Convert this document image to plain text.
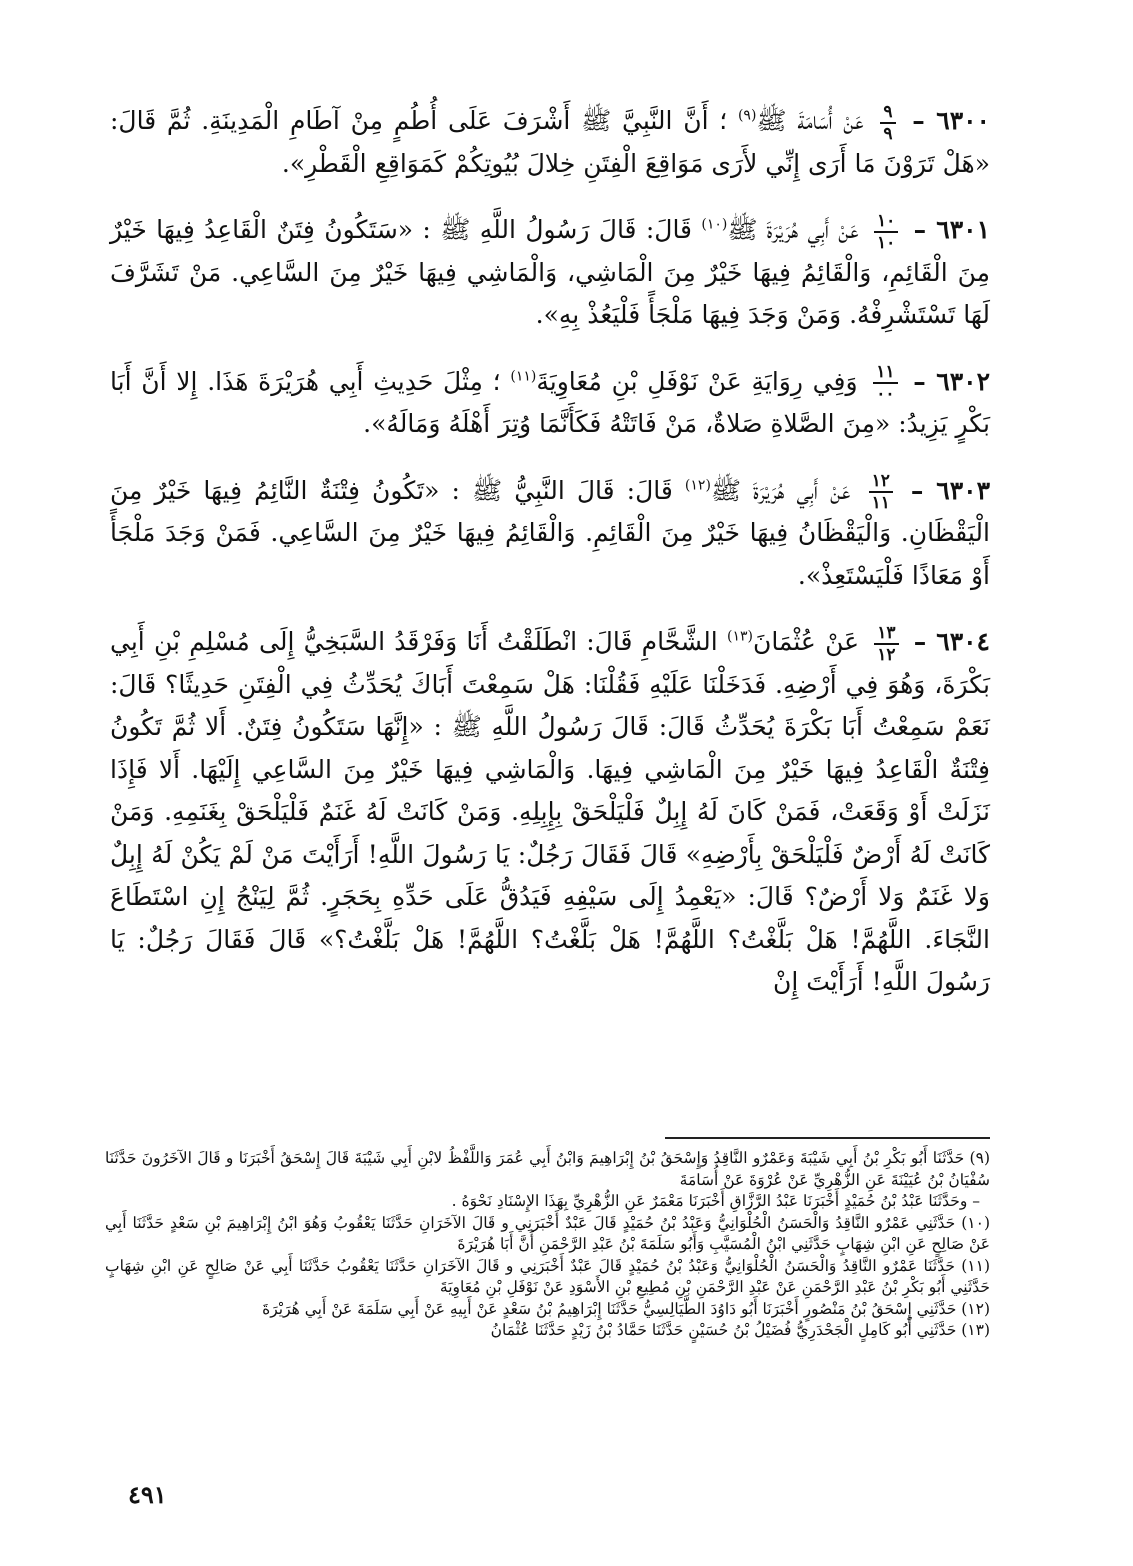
٦٣٠٠ –
$\frac{٩}{٩}$
عَنْ أُسَامَةَ ﷺ$^{(٩)}$ ؛ أَنَّ النَّبِيَّ ﷺ أَشْرَفَ عَلَى أُطُمٍ مِنْ آطَامِ الْمَدِينَةِ. ثُمَّ قَالَ: «هَلْ تَرَوْنَ مَا أَرَى إِنِّي لأَرَى مَوَاقِعَ الْفِتَنِ خِلالَ بُيُوتِكُمْ كَمَوَاقِعِ الْقَطْرِ».

٦٣٠١ –
$\frac{١٠}{١٠}$
عَنْ أَبِي هُرَيْرَةَ ﷺ$^{(١٠)}$ قَالَ: قَالَ رَسُولُ اللَّهِ ﷺ : «سَتَكُونُ فِتَنٌ الْقَاعِدُ فِيهَا خَيْرٌ مِنَ الْقَائِمِ، وَالْقَائِمُ فِيهَا خَيْرٌ مِنَ الْمَاشِي، وَالْمَاشِي فِيهَا خَيْرٌ مِنَ السَّاعِي. مَنْ تَشَرَّفَ لَهَا تَسْتَشْرِفْهُ. وَمَنْ وَجَدَ فِيهَا مَلْجَأً فَلْيَعُذْ بِهِ».

٦٣٠٢ –
$\frac{١١}{٠٠}$
وَفِي رِوَايَةِ عَنْ نَوْفَلِ بْنِ مُعَاوِيَةَ$^{(١١)}$ ؛ مِثْلَ حَدِيثِ أَبِي هُرَيْرَةَ هَذَا. إِلا أَنَّ أَبَا بَكْرٍ يَزِيدُ: «مِنَ الصَّلاةِ صَلاةٌ، مَنْ فَاتَتْهُ فَكَأَنَّمَا وُتِرَ أَهْلَهُ وَمَالَهُ».

٦٣٠٣ –
$\frac{١٢}{١١}$
عَنْ أَبِي هُرَيْرَةَ ﷺ$^{(١٢)}$ قَالَ: قَالَ النَّبِيُّ ﷺ : «تَكُونُ فِتْنَةٌ النَّائِمُ فِيهَا خَيْرٌ مِنَ الْيَقْظَانِ. وَالْيَقْظَانُ فِيهَا خَيْرٌ مِنَ الْقَائِمِ. وَالْقَائِمُ فِيهَا خَيْرٌ مِنَ السَّاعِي. فَمَنْ وَجَدَ مَلْجَأً أَوْ مَعَاذًا فَلْيَسْتَعِذْ».

٦٣٠٤ –
$\frac{١٣}{١٢}$
عَنْ عُثْمَانَ$^{(١٣)}$ الشَّحَّامِ قَالَ: انْطَلَقْتُ أَنَا وَفَرْقَدُ السَّبَخِيُّ إِلَى مُسْلِمِ بْنِ أَبِي بَكْرَةَ، وَهُوَ فِي أَرْضِهِ. فَدَخَلْنَا عَلَيْهِ فَقُلْنَا: هَلْ سَمِعْتَ أَبَاكَ يُحَدِّثُ فِي الْفِتَنِ حَدِيثًا؟ قَالَ: نَعَمْ سَمِعْتُ أَبَا بَكْرَةَ يُحَدِّثُ قَالَ: قَالَ رَسُولُ اللَّهِ ﷺ : «إِنَّهَا سَتَكُونُ فِتَنٌ. أَلا ثُمَّ تَكُونُ فِتْنَةٌ الْقَاعِدُ فِيهَا خَيْرٌ مِنَ الْمَاشِي فِيهَا. وَالْمَاشِي فِيهَا خَيْرٌ مِنَ السَّاعِي إِلَيْهَا. أَلا فَإِذَا نَزَلَتْ أَوْ وَقَعَتْ، فَمَنْ كَانَ لَهُ إِبِلٌ فَلْيَلْحَقْ بِإِبِلِهِ. وَمَنْ كَانَتْ لَهُ غَنَمٌ فَلْيَلْحَقْ بِغَنَمِهِ. وَمَنْ كَانَتْ لَهُ أَرْضٌ فَلْيَلْحَقْ بِأَرْضِهِ» قَالَ فَقَالَ رَجُلٌ: يَا رَسُولَ اللَّهِ! أَرَأَيْتَ مَنْ لَمْ يَكُنْ لَهُ إِبِلٌ وَلا غَنَمٌ وَلا أَرْضٌ؟ قَالَ: «يَعْمِدُ إِلَى سَيْفِهِ فَيَدُقُّ عَلَى حَدِّهِ بِحَجَرٍ. ثُمَّ لِيَنْجُ إِنِ اسْتَطَاعَ النَّجَاءَ. اللَّهُمَّ! هَلْ بَلَّغْتُ؟ اللَّهُمَّ! هَلْ بَلَّغْتُ؟ اللَّهُمَّ! هَلْ بَلَّغْتُ؟» قَالَ فَقَالَ رَجُلٌ: يَا رَسُولَ اللَّهِ! أَرَأَيْتَ إِنْ

(٩) حَدَّثَنَا أَبُو بَكْرِ بْنُ أَبِي شَيْبَةَ وَعَمْرٌو النَّاقِدُ وَإِسْحَقُ بْنُ إِبْرَاهِيمَ وَابْنُ أَبِي عُمَرَ وَاللَّفْظُ لابْنِ أَبِي شَيْبَةَ قَالَ إِسْحَقُ أَخْبَرَنَا و قَالَ الآخَرُونَ حَدَّثَنَا سُفْيَانُ بْنُ عُيَيْنَةَ عَنِ الزُّهْرِيِّ عَنْ عُرْوَةَ عَنْ أُسَامَةَ

– وحَدَّثَنَا عَبْدُ بْنُ حُمَيْدٍ أَخْبَرَنَا عَبْدُ الرَّزَّاقِ أَخْبَرَنَا مَعْمَرٌ عَنِ الزُّهْرِيِّ بِهَذَا الإِسْنَادِ نَحْوَهُ .

(١٠) حَدَّثَنِي عَمْرٌو النَّاقِدُ وَالْحَسَنُ الْحُلْوَانِيُّ وَعَبْدُ بْنُ حُمَيْدٍ قَالَ عَبْدٌ أَخْبَرَنِي و قَالَ الآخَرَانِ حَدَّثَنَا يَعْقُوبُ وَهُوَ ابْنُ إِبْرَاهِيمَ بْنِ سَعْدٍ حَدَّثَنَا أَبِي عَنْ صَالِحٍ عَنِ ابْنِ شِهَابٍ حَدَّثَنِي ابْنُ الْمُسَيَّبِ وَأَبُو سَلَمَةَ بْنُ عَبْدِ الرَّحْمَنِ أَنَّ أَبَا هُرَيْرَةَ

(١١) حَدَّثَنَا عَمْرٌو النَّاقِدُ وَالْحَسَنُ الْحُلْوَانِيُّ وَعَبْدُ بْنُ حُمَيْدٍ قَالَ عَبْدٌ أَخْبَرَنِي و قَالَ الآخَرَانِ حَدَّثَنَا يَعْقُوبُ حَدَّثَنَا أَبِي عَنْ صَالِحٍ عَنِ ابْنِ شِهَابٍ حَدَّثَنِي أَبُو بَكْرِ بْنُ عَبْدِ الرَّحْمَنِ عَنْ عَبْدِ الرَّحْمَنِ بْنِ مُطِيعِ بْنِ الأَسْوَدِ عَنْ نَوْفَلِ بْنِ مُعَاوِيَةَ

(١٢) حَدَّثَنِي إِسْحَقُ بْنُ مَنْصُورٍ أَخْبَرَنَا أَبُو دَاوُدَ الطَّيَالِسِيُّ حَدَّثَنَا إِبْرَاهِيمُ بْنُ سَعْدٍ عَنْ أَبِيهِ عَنْ أَبِي سَلَمَةَ عَنْ أَبِي هُرَيْرَةَ

(١٣) حَدَّثَنِي أَبُو كَامِلٍ الْجَحْدَرِيُّ فُضَيْلُ بْنُ حُسَيْنٍ حَدَّثَنَا حَمَّادُ بْنُ زَيْدٍ حَدَّثَنَا عُثْمَانُ

٤٩١
